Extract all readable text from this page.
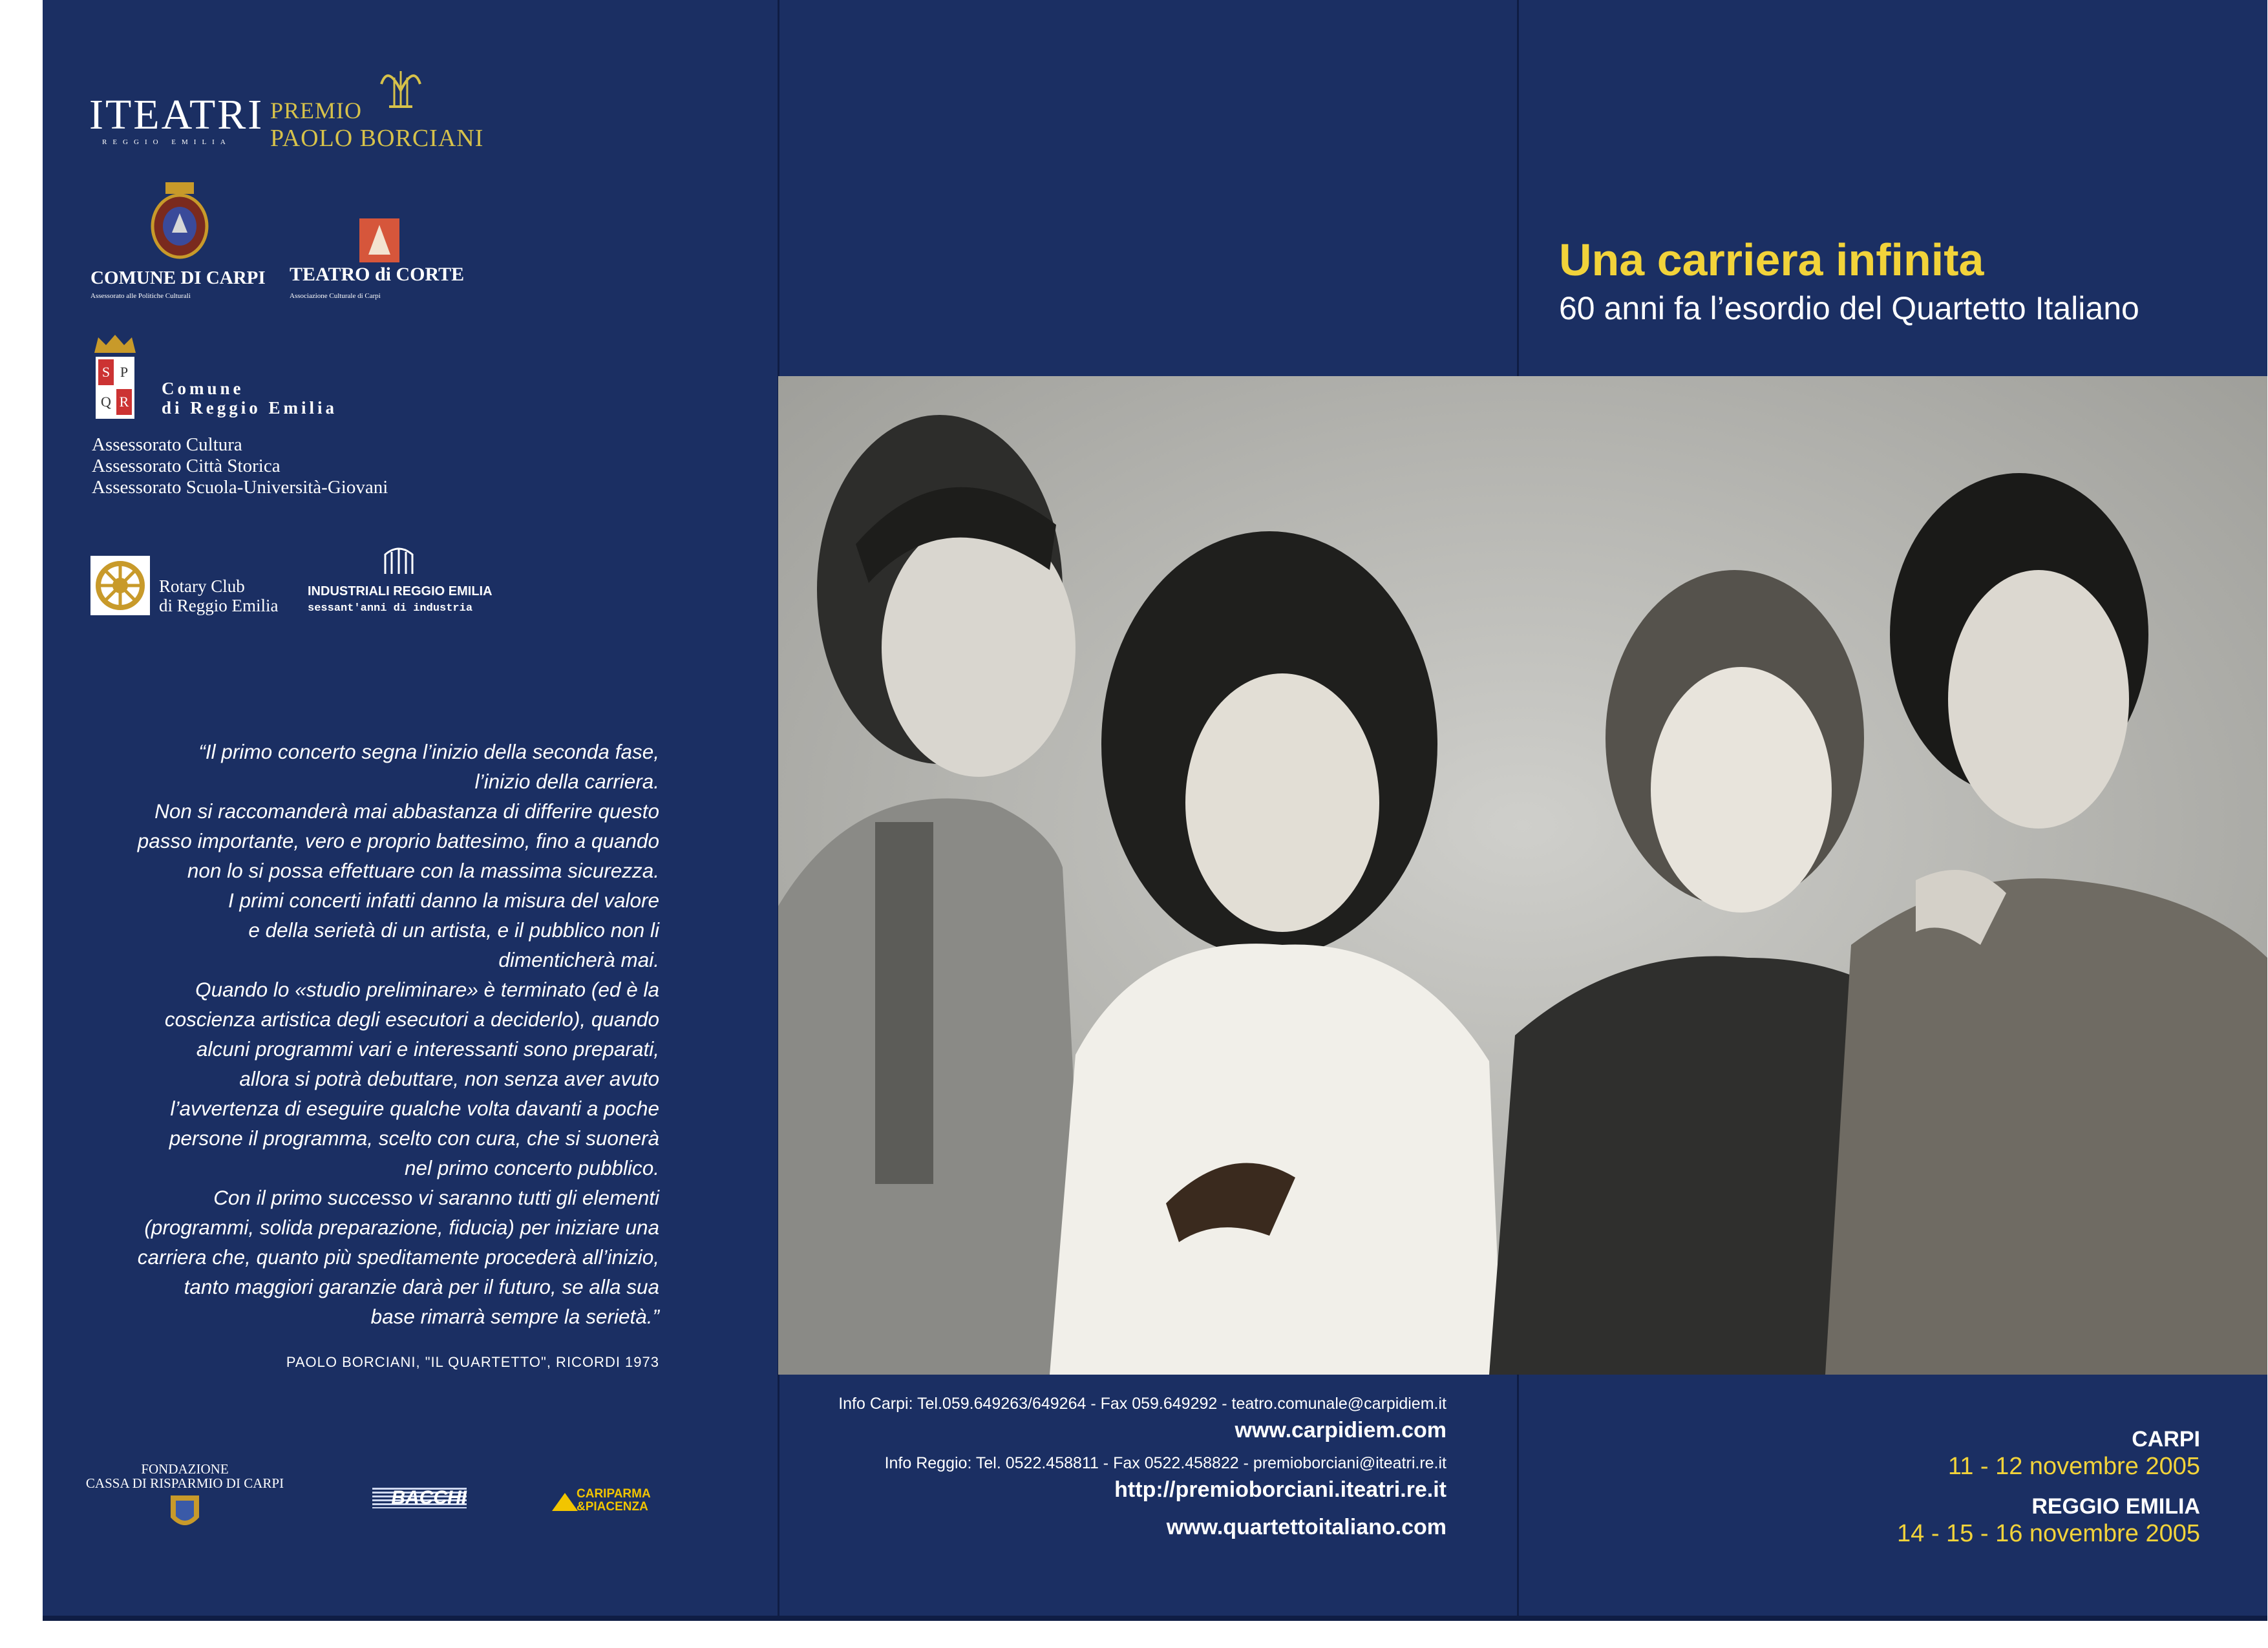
ITEATRI
REGGIO EMILIA
PREMIO
PAOLO BORCIANI
COMUNE DI CARPI
Assessorato alle Politiche Culturali
TEATRO di CORTE
Associazione Culturale di Carpi
S P
Q R
Comune
di Reggio Emilia
Assessorato Cultura
Assessorato Città Storica
Assessorato Scuola-Università-Giovani
Rotary Club
di Reggio Emilia
INDUSTRIALI REGGIO EMILIA
sessant'anni di industria

“Il primo concerto segna l’inizio della seconda fase,

l’inizio della carriera.

Non si raccomanderà mai abbastanza di differire questo

passo importante, vero e proprio battesimo, fino a quando

non lo si possa effettuare con la massima sicurezza.

I primi concerti infatti danno la misura del valore

e della serietà di un artista, e il pubblico non li

dimenticherà mai.

Quando lo «studio preliminare» è terminato (ed è la

coscienza artistica degli esecutori a deciderlo), quando

alcuni programmi vari e interessanti sono preparati,

allora si potrà debuttare, non senza aver avuto

l’avvertenza di eseguire qualche volta davanti a poche

persone il programma, scelto con cura, che si suonerà

nel primo concerto pubblico.

Con il primo successo vi saranno tutti gli elementi

(programmi, solida preparazione, fiducia) per iniziare una

carriera che, quanto più speditamente procederà all’inizio,

tanto maggiori garanzie darà per il futuro, se alla sua

base rimarrà sempre la serietà.”

PAOLO BORCIANI, "IL QUARTETTO", RICORDI 1973
FONDAZIONE
CASSA DI RISPARMIO DI CARPI
BACCHI	CARIPARMA
&PIACENZA
Una carriera infinita
60 anni fa l’esordio del Quartetto Italiano
Info Carpi: Tel.059.649263/649264 - Fax 059.649292 - teatro.comunale@carpidiem.it
www.carpidiem.com
Info Reggio: Tel. 0522.458811 - Fax 0522.458822 - premioborciani@iteatri.re.it
http://premioborciani.iteatri.re.it
www.quartettoitaliano.com
CARPI
11 - 12 novembre 2005
REGGIO EMILIA
14 - 15 - 16 novembre 2005
